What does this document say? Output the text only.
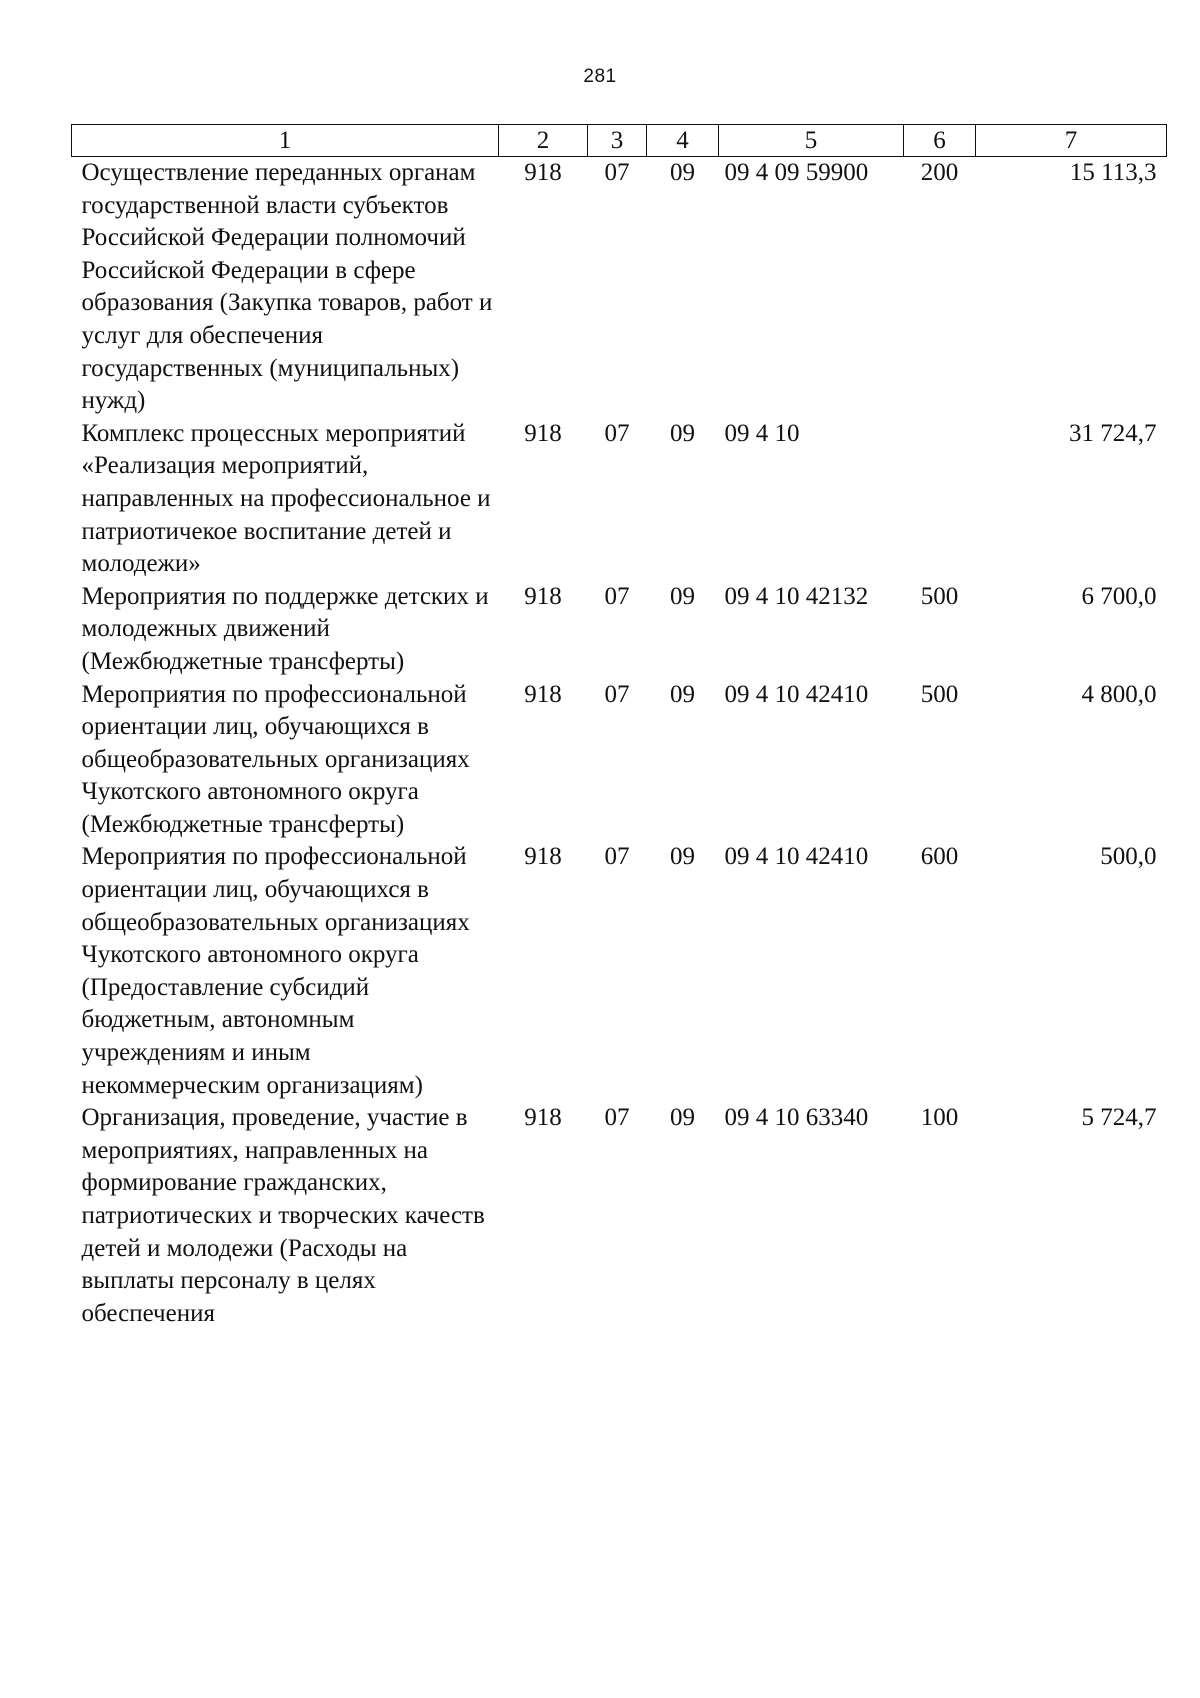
281
1	2	3	4	5	6	7
Осуществление переданных органам государственной власти субъектов Российской Федерации полномочий Российской Федерации в сфере образования (Закупка товаров, работ и услуг для обеспечения государственных (муниципальных) нужд)	918	07	09	09 4 09 59900	200	15 113,3
Комплекс процессных мероприятий «Реализация мероприятий, направленных на профессиональное и патриотичекое воспитание детей и молодежи»	918	07	09	09 4 10		31 724,7
Мероприятия по поддержке детских и молодежных движений (Межбюджетные трансферты)	918	07	09	09 4 10 42132	500	6 700,0
Мероприятия по профессиональной ориентации лиц, обучающихся в общеобразовательных организациях Чукотского автономного округа (Межбюджетные трансферты)	918	07	09	09 4 10 42410	500	4 800,0
Мероприятия по профессиональной ориентации лиц, обучающихся в общеобразовательных организациях Чукотского автономного округа (Предоставление субсидий бюджетным, автономным учреждениям и иным некоммерческим организациям)	918	07	09	09 4 10 42410	600	500,0
Организация, проведение, участие в мероприятиях, направленных на формирование гражданских, патриотических и творческих качеств детей и молодежи (Расходы на выплаты персоналу в целях обеспечения	918	07	09	09 4 10 63340	100	5 724,7
